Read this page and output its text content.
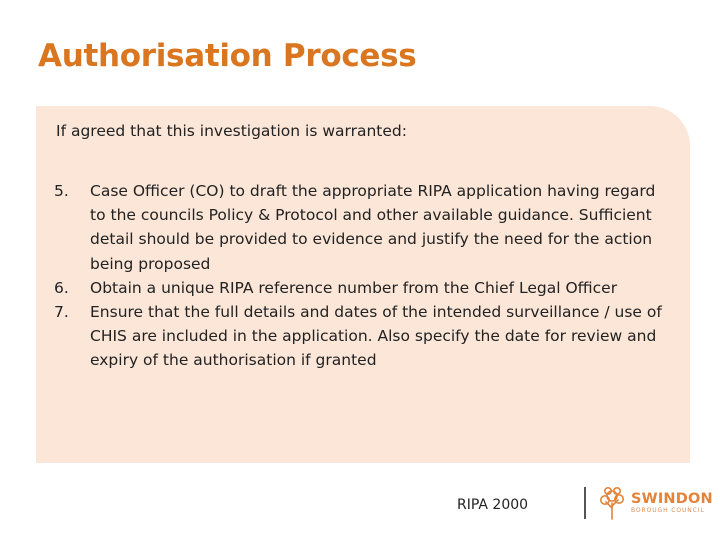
Authorisation Process

If agreed that this investigation is warranted:

5.	Case Officer (CO) to draft the appropriate RIPA application having regard to the councils Policy & Protocol and other available guidance. Sufficient detail should be provided to evidence and justify the need for the action being proposed
6.	Obtain a unique RIPA reference number from the Chief Legal Officer
7.	Ensure that the full details and dates of the intended surveillance / use of CHIS are included in the application. Also specify the date for review and expiry of the authorisation if granted
RIPA 2000	SWINDON
BOROUGH COUNCIL
